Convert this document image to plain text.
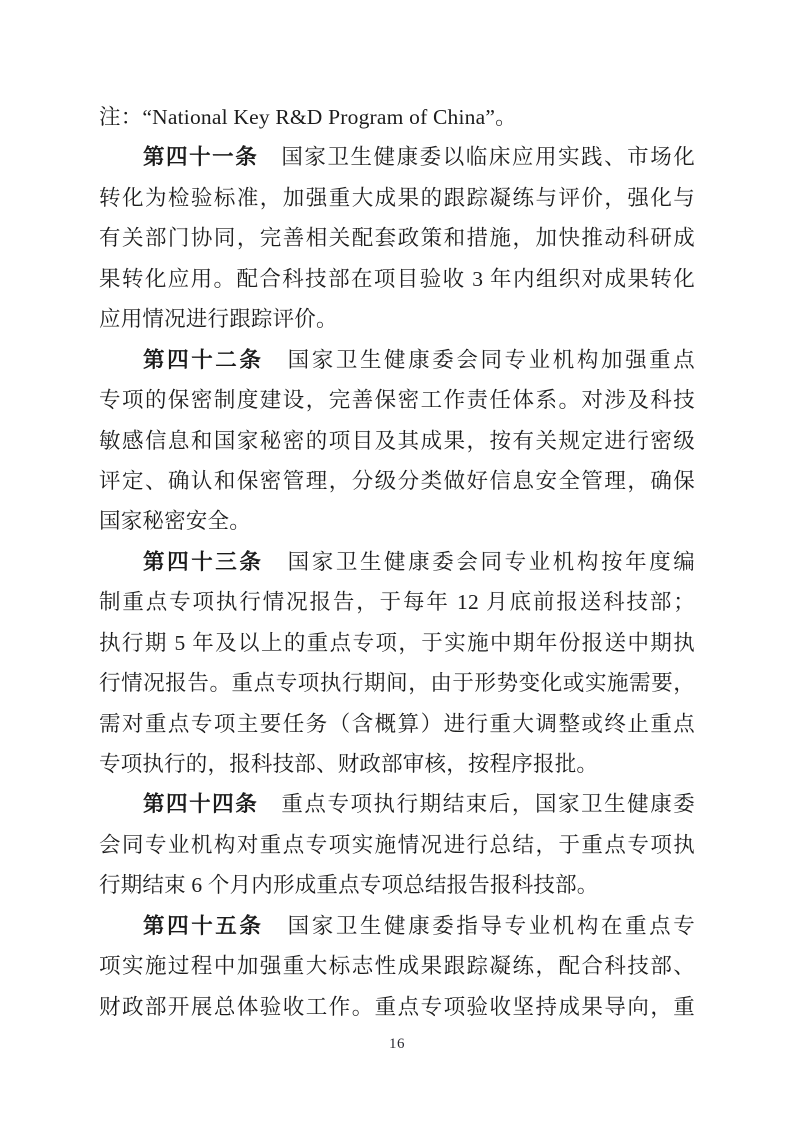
注：“National Key R&D Program of China”。
第四十一条　国家卫生健康委以临床应用实践、市场化
转化为检验标准，加强重大成果的跟踪凝练与评价，强化与
有关部门协同，完善相关配套政策和措施，加快推动科研成
果转化应用。配合科技部在项目验收 3 年内组织对成果转化
应用情况进行跟踪评价。
第四十二条　国家卫生健康委会同专业机构加强重点
专项的保密制度建设，完善保密工作责任体系。对涉及科技
敏感信息和国家秘密的项目及其成果，按有关规定进行密级
评定、确认和保密管理，分级分类做好信息安全管理，确保
国家秘密安全。
第四十三条　国家卫生健康委会同专业机构按年度编
制重点专项执行情况报告，于每年 12 月底前报送科技部；
执行期 5 年及以上的重点专项，于实施中期年份报送中期执
行情况报告。重点专项执行期间，由于形势变化或实施需要，
需对重点专项主要任务（含概算）进行重大调整或终止重点
专项执行的，报科技部、财政部审核，按程序报批。
第四十四条　重点专项执行期结束后，国家卫生健康委
会同专业机构对重点专项实施情况进行总结，于重点专项执
行期结束 6 个月内形成重点专项总结报告报科技部。
第四十五条　国家卫生健康委指导专业机构在重点专
项实施过程中加强重大标志性成果跟踪凝练，配合科技部、
财政部开展总体验收工作。重点专项验收坚持成果导向，重
16
